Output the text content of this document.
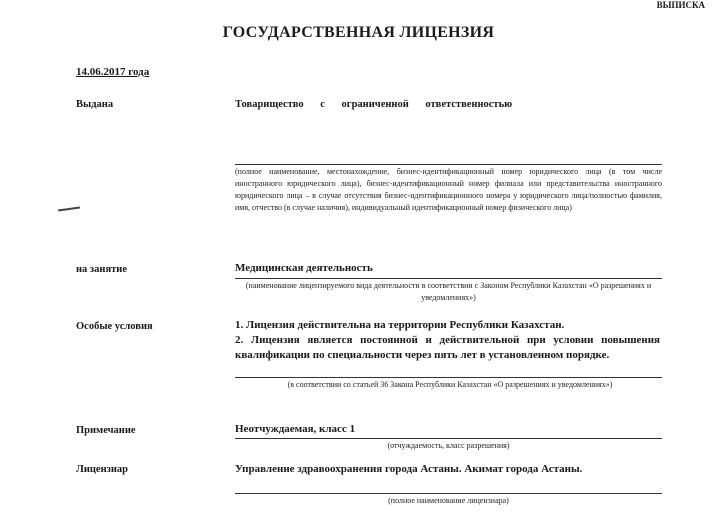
ВЫПИСКА
ГОСУДАРСТВЕННАЯ ЛИЦЕНЗИЯ
14.06.2017 года
Выдана	Товарищество с ограниченной ответственностью
(полное наименование, местонахождение, бизнес-идентификационный номер юридического лица (в том числе иностранного юридического лица), бизнес-идентификационный номер филиала или представительства иностранного юридического лица – в случае отсутствия бизнес-идентификационного номера у юридического лица/полностью фамилия, имя, отчество (в случае наличия), индивидуальный идентификационный номер физического лица)
на занятие	Медицинская деятельность
(наименование лицензируемого вида деятельности в соответствии с Законом Республики Казахстан «О разрешениях и уведомлениях»)
Особые условия	1. Лицензия действительна на территории Республики Казахстан.
2. Лицензия является постоянной и действительной при условии повышения квалификации по специальности через пять лет в установленном порядке.
(в соответствии со статьей 36 Закона Республики Казахстан «О разрешениях и уведомлениях»)
Примечание	Неотчуждаемая, класс 1
(отчуждаемость, класс разрешения)
Лицензиар	Управление здравоохранения города Астаны. Акимат города Астаны.
(полное наименование лицензиара)
